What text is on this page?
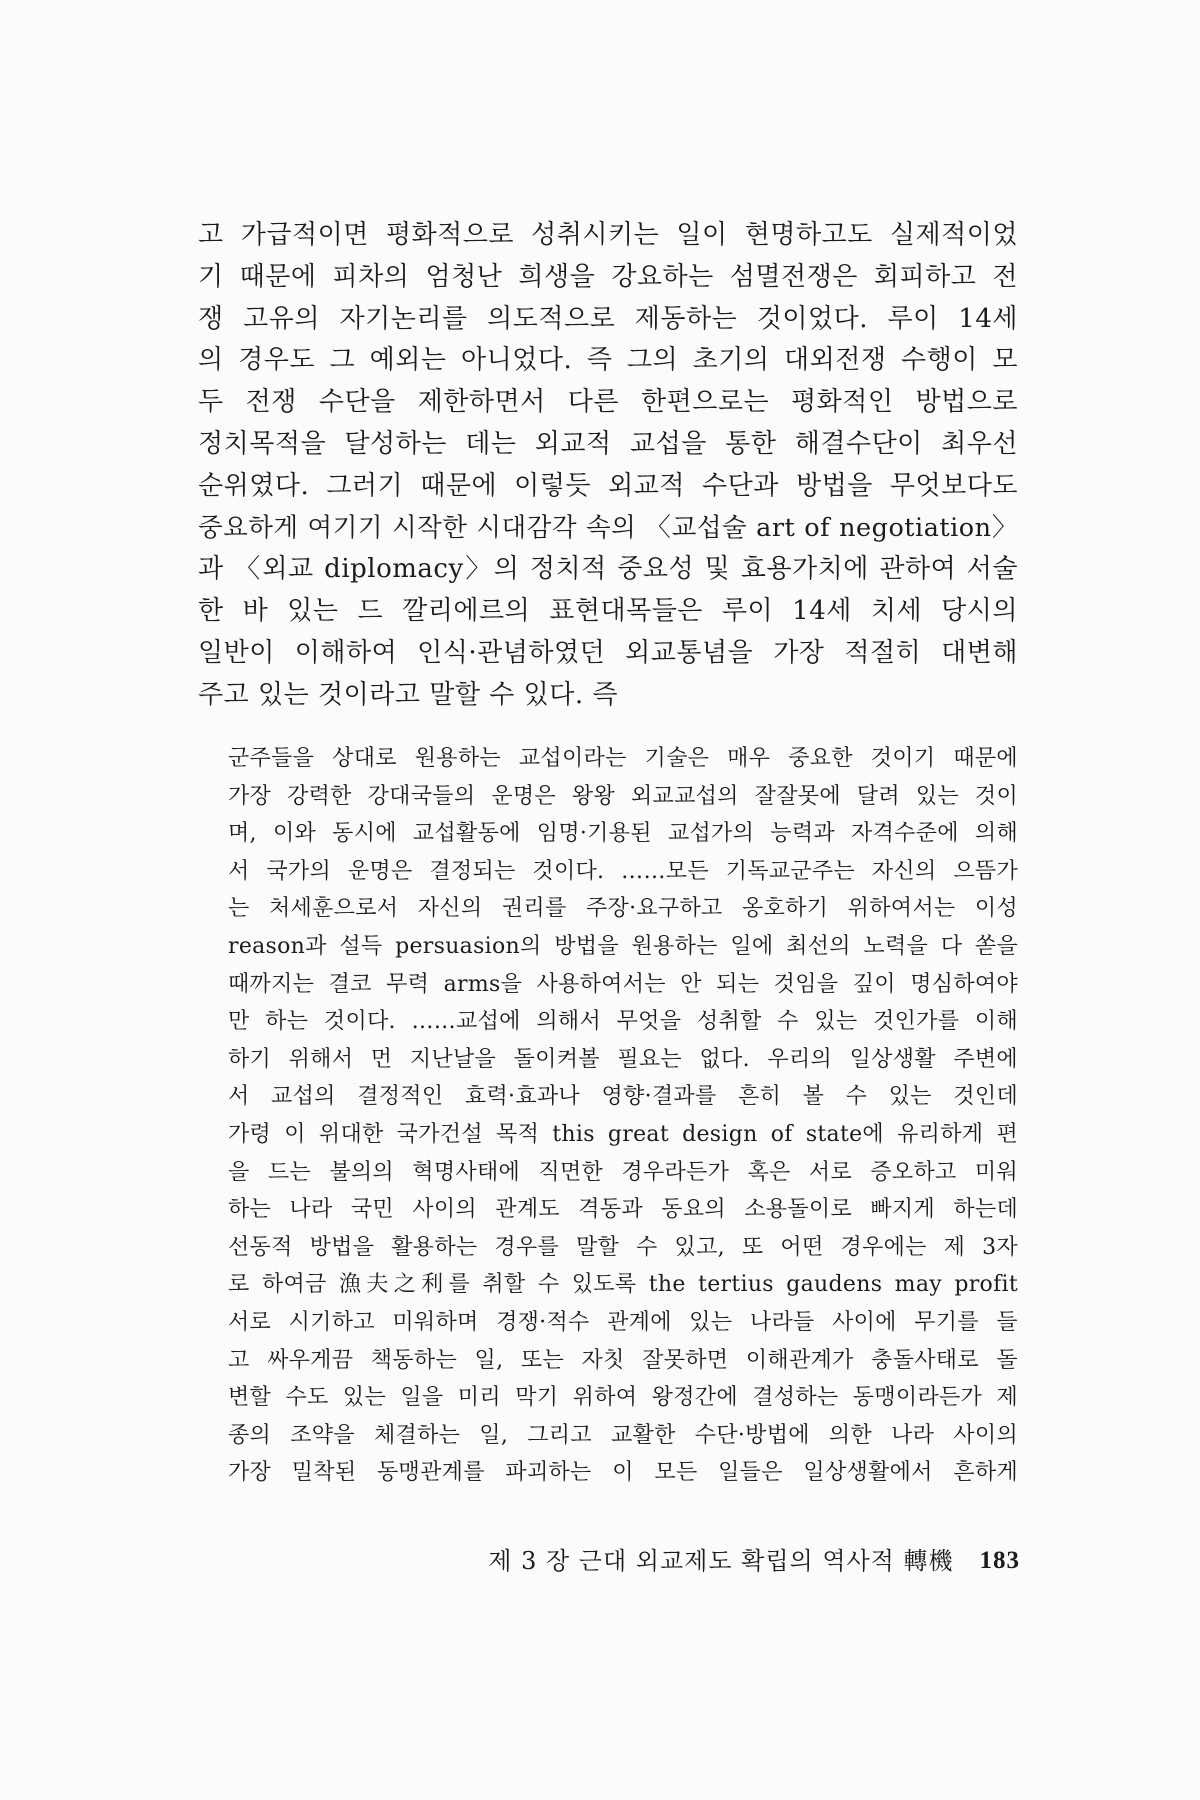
고 가급적이면 평화적으로 성취시키는 일이 현명하고도 실제적이었
기 때문에 피차의 엄청난 희생을 강요하는 섬멸전쟁은 회피하고 전
쟁 고유의 자기논리를 의도적으로 제동하는 것이었다. 루이 14세
의 경우도 그 예외는 아니었다. 즉 그의 초기의 대외전쟁 수행이 모
두 전쟁 수단을 제한하면서 다른 한편으로는 평화적인 방법으로
정치목적을 달성하는 데는 외교적 교섭을 통한 해결수단이 최우선
순위였다. 그러기 때문에 이렇듯 외교적 수단과 방법을 무엇보다도
중요하게 여기기 시작한 시대감각 속의 〈교섭술 art of negotiation〉
과 〈외교 diplomacy〉의 정치적 중요성 및 효용가치에 관하여 서술
한 바 있는 드 깔리에르의 표현대목들은 루이 14세 치세 당시의
일반이 이해하여 인식·관념하였던 외교통념을 가장 적절히 대변해
주고 있는 것이라고 말할 수 있다. 즉
군주들을 상대로 원용하는 교섭이라는 기술은 매우 중요한 것이기 때문에
가장 강력한 강대국들의 운명은 왕왕 외교교섭의 잘잘못에 달려 있는 것이
며, 이와 동시에 교섭활동에 임명·기용된 교섭가의 능력과 자격수준에 의해
서 국가의 운명은 결정되는 것이다. ……모든 기독교군주는 자신의 으뜸가
는 처세훈으로서 자신의 권리를 주장·요구하고 옹호하기 위하여서는 이성
reason과 설득 persuasion의 방법을 원용하는 일에 최선의 노력을 다 쏟을
때까지는 결코 무력 arms을 사용하여서는 안 되는 것임을 깊이 명심하여야
만 하는 것이다. ……교섭에 의해서 무엇을 성취할 수 있는 것인가를 이해
하기 위해서 먼 지난날을 돌이켜볼 필요는 없다. 우리의 일상생활 주변에
서 교섭의 결정적인 효력·효과나 영향·결과를 흔히 볼 수 있는 것인데
가령 이 위대한 국가건설 목적 this great design of state에 유리하게 편
을 드는 불의의 혁명사태에 직면한 경우라든가 혹은 서로 증오하고 미워
하는 나라 국민 사이의 관계도 격동과 동요의 소용돌이로 빠지게 하는데
선동적 방법을 활용하는 경우를 말할 수 있고, 또 어떤 경우에는 제 3자
로 하여금 漁夫之利를 취할 수 있도록 the tertius gaudens may profit
서로 시기하고 미워하며 경쟁·적수 관계에 있는 나라들 사이에 무기를 들
고 싸우게끔 책동하는 일, 또는 자칫 잘못하면 이해관계가 충돌사태로 돌
변할 수도 있는 일을 미리 막기 위하여 왕정간에 결성하는 동맹이라든가 제
종의 조약을 체결하는 일, 그리고 교활한 수단·방법에 의한 나라 사이의
가장 밀착된 동맹관계를 파괴하는 이 모든 일들은 일상생활에서 흔하게
제 3 장 근대 외교제도 확립의 역사적 轉機 183
